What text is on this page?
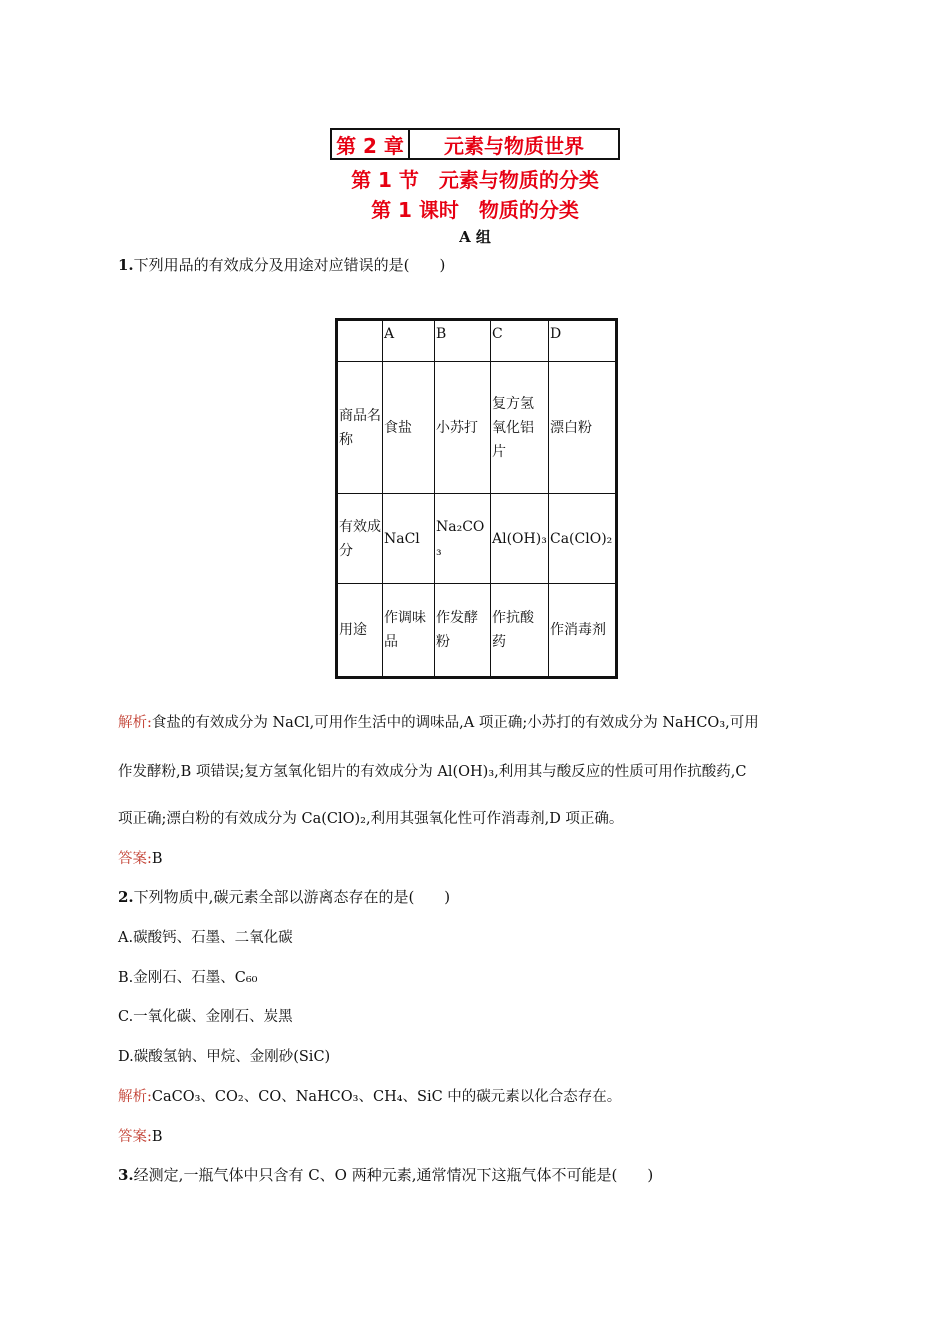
第 2 章	元素与物质世界
第 1 节　元素与物质的分类
第 1 课时　物质的分类
A 组
1.下列用品的有效成分及用途对应错误的是(　　)
	A	B	C	D
商品名称	食盐	小苏打	复方氢氧化铝片	漂白粉
有效成分	NaCl	Na₂CO₃	Al(OH)₃	Ca(ClO)₂
用途	作调味品	作发酵粉	作抗酸药	作消毒剂
解析:食盐的有效成分为 NaCl,可用作生活中的调味品,A 项正确;小苏打的有效成分为 NaHCO₃,可用
作发酵粉,B 项错误;复方氢氧化铝片的有效成分为 Al(OH)₃,利用其与酸反应的性质可用作抗酸药,C
项正确;漂白粉的有效成分为 Ca(ClO)₂,利用其强氧化性可作消毒剂,D 项正确。
答案:B
2.下列物质中,碳元素全部以游离态存在的是(　　)
A.碳酸钙、石墨、二氧化碳
B.金刚石、石墨、C₆₀
C.一氧化碳、金刚石、炭黑
D.碳酸氢钠、甲烷、金刚砂(SiC)
解析:CaCO₃、CO₂、CO、NaHCO₃、CH₄、SiC 中的碳元素以化合态存在。
答案:B
3.经测定,一瓶气体中只含有 C、O 两种元素,通常情况下这瓶气体不可能是(　　)
